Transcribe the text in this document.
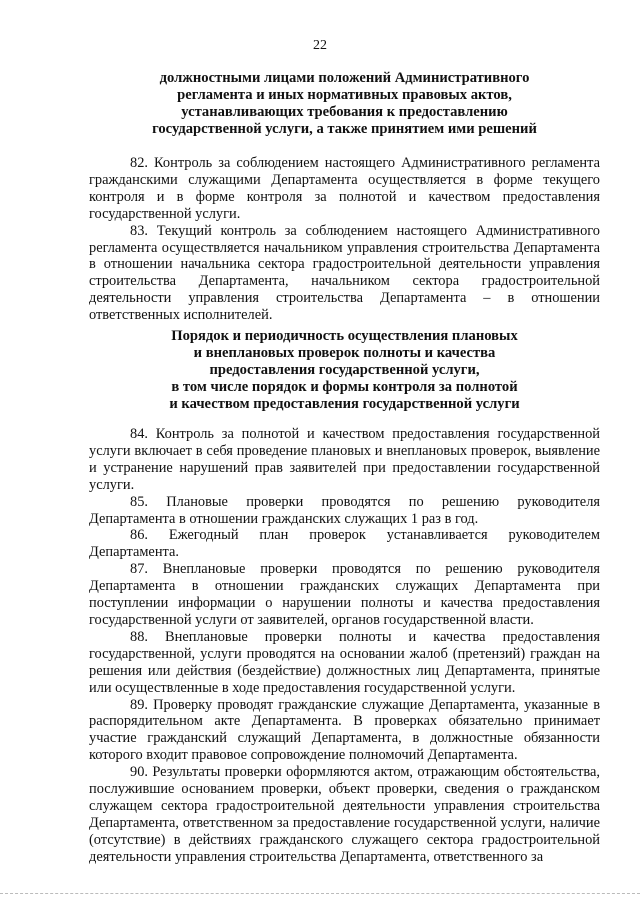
22
должностными лицами положений Административного
регламента и иных нормативных правовых актов,
устанавливающих требования к предоставлению
государственной услуги, а также принятием ими решений

82. Контроль за соблюдением настоящего Административного регламента гражданскими служащими Департамента осуществляется в форме текущего контроля и в форме контроля за полнотой и качеством предоставления государственной услуги.

83. Текущий контроль за соблюдением настоящего Административного регламента осуществляется начальником управления строительства Департамента в отношении начальника сектора градостроительной деятельности управления строительства Департамента, начальником сектора градостроительной деятельности управления строительства Департамента – в отношении ответственных исполнителей.

Порядок и периодичность осуществления плановых
и внеплановых проверок полноты и качества
предоставления государственной услуги,
в том числе порядок и формы контроля за полнотой
и качеством предоставления государственной услуги

84. Контроль за полнотой и качеством предоставления государственной услуги включает в себя проведение плановых и внеплановых проверок, выявление и устранение нарушений прав заявителей при предоставлении государственной услуги.

85. Плановые проверки проводятся по решению руководителя Департамента в отношении гражданских служащих 1 раз в год.

86. Ежегодный план проверок устанавливается руководителем Департамента.

87. Внеплановые проверки проводятся по решению руководителя Департамента в отношении гражданских служащих Департамента при поступлении информации о нарушении полноты и качества предоставления государственной услуги от заявителей, органов государственной власти.

88. Внеплановые проверки полноты и качества предоставления государственной, услуги проводятся на основании жалоб (претензий) граждан на решения или действия (бездействие) должностных лиц Департамента, принятые или осуществленные в ходе предоставления государственной услуги.

89. Проверку проводят гражданские служащие Департамента, указанные в распорядительном акте Департамента. В проверках обязательно принимает участие гражданский служащий Департамента, в должностные обязанности которого входит правовое сопровождение полномочий Департамента.

90. Результаты проверки оформляются актом, отражающим обстоятельства, послужившие основанием проверки, объект проверки, сведения о гражданском служащем сектора градостроительной деятельности управления строительства Департамента, ответственном за предоставление государственной услуги, наличие (отсутствие) в действиях гражданского служащего сектора градостроительной деятельности управления строительства Департамента, ответственного за
